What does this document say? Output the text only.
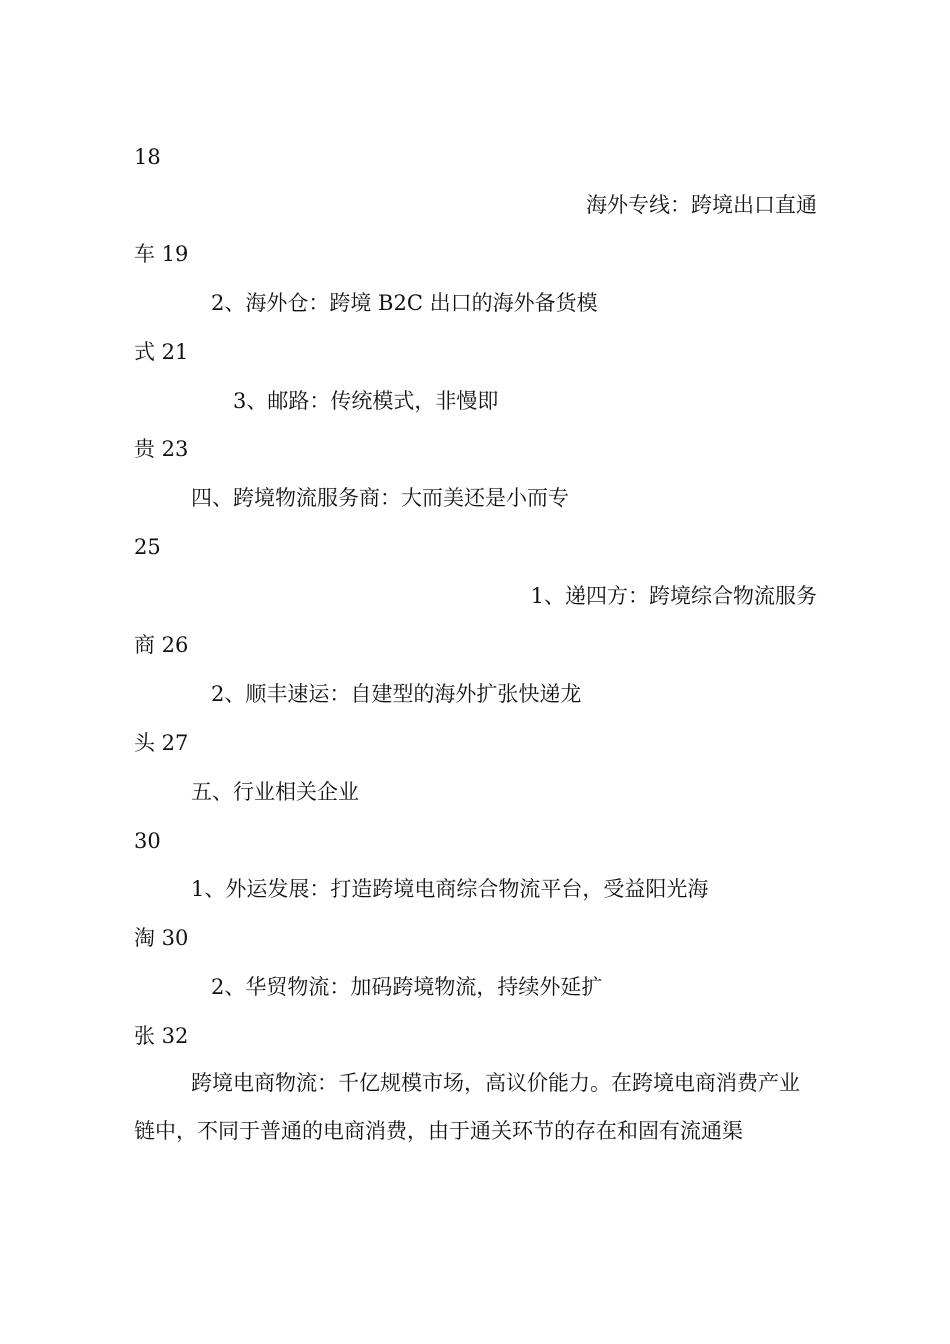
18
海外专线：跨境出口直通
车 19
2、海外仓：跨境 B2C 出口的海外备货模
式 21
3、邮路：传统模式，非慢即
贵 23
四、跨境物流服务商：大而美还是小而专
25
1、递四方：跨境综合物流服务
商 26
2、顺丰速运：自建型的海外扩张快递龙
头 27
五、行业相关企业
30
1、外运发展：打造跨境电商综合物流平台，受益阳光海
淘 30
2、华贸物流：加码跨境物流，持续外延扩
张 32
跨境电商物流：千亿规模市场，高议价能力。在跨境电商消费产业链中，不同于普通的电商消费，由于通关环节的存在和固有流通渠
